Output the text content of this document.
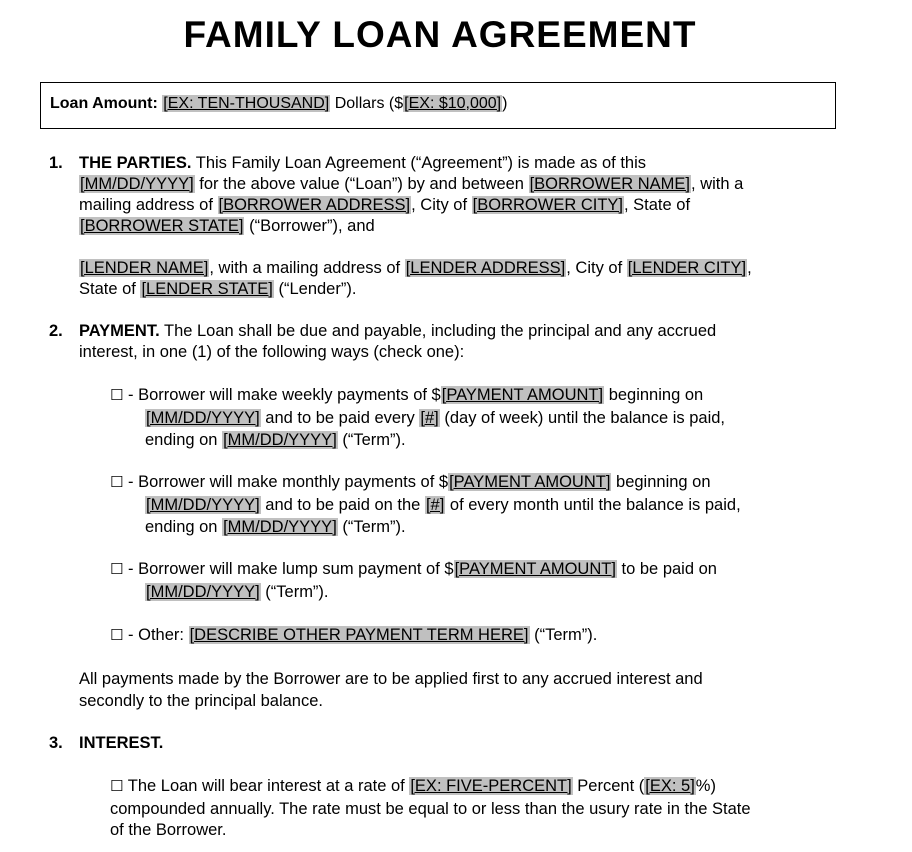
FAMILY LOAN AGREEMENT
Loan Amount: [EX: TEN-THOUSAND] Dollars ($[EX: $10,000])
1. THE PARTIES. This Family Loan Agreement (“Agreement”) is made as of this
[MM/DD/YYYY] for the above value (“Loan”) by and between [BORROWER NAME], with a
mailing address of [BORROWER ADDRESS], City of [BORROWER CITY], State of
[BORROWER STATE] (“Borrower”), and
[LENDER NAME], with a mailing address of [LENDER ADDRESS], City of [LENDER CITY],
State of [LENDER STATE] (“Lender”).
2. PAYMENT. The Loan shall be due and payable, including the principal and any accrued
interest, in one (1) of the following ways (check one):
☐ - Borrower will make weekly payments of $[PAYMENT AMOUNT] beginning on
[MM/DD/YYYY] and to be paid every [#] (day of week) until the balance is paid,
ending on [MM/DD/YYYY] (“Term”).
☐ - Borrower will make monthly payments of $[PAYMENT AMOUNT] beginning on
[MM/DD/YYYY] and to be paid on the [#] of every month until the balance is paid,
ending on [MM/DD/YYYY] (“Term”).
☐ - Borrower will make lump sum payment of $[PAYMENT AMOUNT] to be paid on
[MM/DD/YYYY] (“Term”).
☐ - Other: [DESCRIBE OTHER PAYMENT TERM HERE] (“Term”).
All payments made by the Borrower are to be applied first to any accrued interest and
secondly to the principal balance.
3. INTEREST.
☐ The Loan will bear interest at a rate of [EX: FIVE-PERCENT] Percent ([EX: 5]%)
compounded annually. The rate must be equal to or less than the usury rate in the State
of the Borrower.
